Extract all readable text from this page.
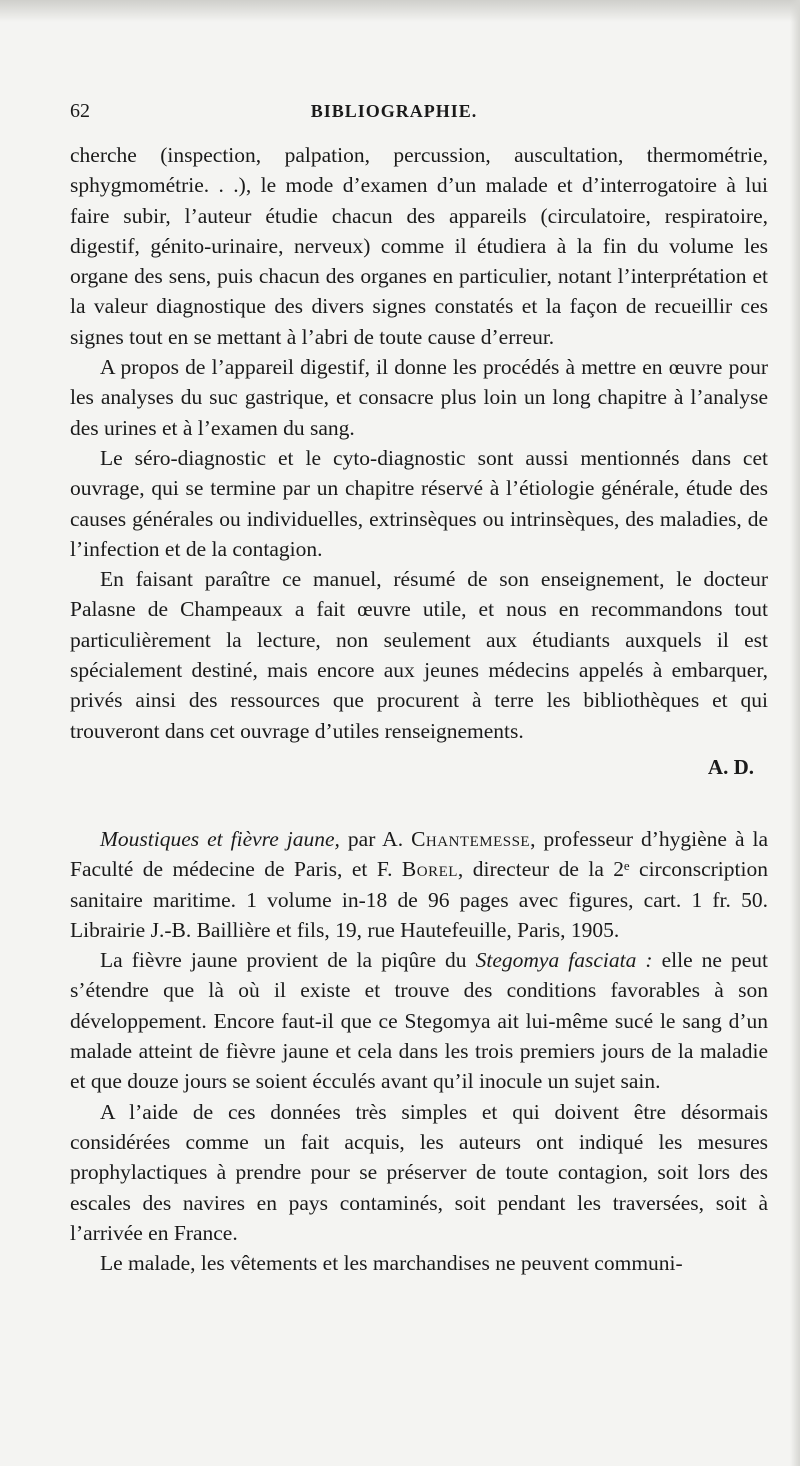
62	BIBLIOGRAPHIE.

cherche (inspection, palpation, percussion, auscultation, thermométrie, sphygmométrie. . .), le mode d’examen d’un malade et d’interrogatoire à lui faire subir, l’auteur étudie chacun des appareils (circulatoire, respiratoire, digestif, génito-urinaire, nerveux) comme il étudiera à la fin du volume les organe des sens, puis chacun des organes en particulier, notant l’interprétation et la valeur diagnostique des divers signes constatés et la façon de recueillir ces signes tout en se mettant à l’abri de toute cause d’erreur.

A propos de l’appareil digestif, il donne les procédés à mettre en œuvre pour les analyses du suc gastrique, et consacre plus loin un long chapitre à l’analyse des urines et à l’examen du sang.

Le séro-diagnostic et le cyto-diagnostic sont aussi mentionnés dans cet ouvrage, qui se termine par un chapitre réservé à l’étiologie générale, étude des causes générales ou individuelles, extrinsèques ou intrinsèques, des maladies, de l’infection et de la contagion.

En faisant paraître ce manuel, résumé de son enseignement, le docteur Palasne de Champeaux a fait œuvre utile, et nous en recommandons tout particulièrement la lecture, non seulement aux étudiants auxquels il est spécialement destiné, mais encore aux jeunes médecins appelés à embarquer, privés ainsi des ressources que procurent à terre les bibliothèques et qui trouveront dans cet ouvrage d’utiles renseignements.

A. D.

Moustiques et fièvre jaune, par A. Chantemesse, professeur d’hygiène à la Faculté de médecine de Paris, et F. Borel, directeur de la 2ᵉ circonscription sanitaire maritime. 1 volume in-18 de 96 pages avec figures, cart. 1 fr. 50. Librairie J.-B. Baillière et fils, 19, rue Hautefeuille, Paris, 1905.

La fièvre jaune provient de la piqûre du Stegomya fasciata : elle ne peut s’étendre que là où il existe et trouve des conditions favorables à son développement. Encore faut-il que ce Stegomya ait lui-même sucé le sang d’un malade atteint de fièvre jaune et cela dans les trois premiers jours de la maladie et que douze jours se soient écculés avant qu’il inocule un sujet sain.

A l’aide de ces données très simples et qui doivent être désormais considérées comme un fait acquis, les auteurs ont indiqué les mesures prophylactiques à prendre pour se préserver de toute contagion, soit lors des escales des navires en pays contaminés, soit pendant les traversées, soit à l’arrivée en France.

Le malade, les vêtements et les marchandises ne peuvent communi-
